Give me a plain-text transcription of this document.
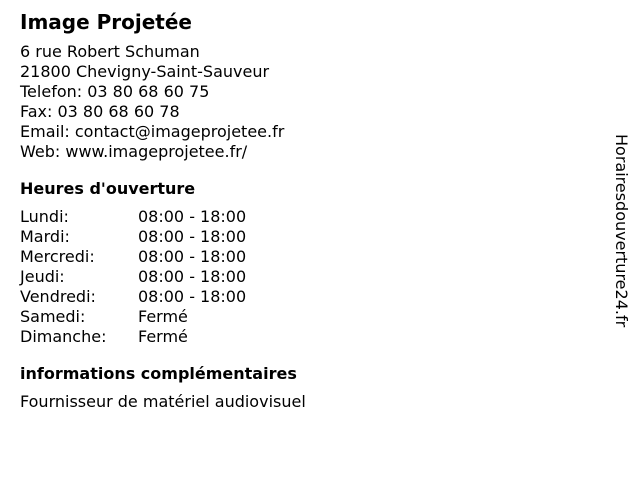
Image Projetée
6 rue Robert Schuman
21800 Chevigny-Saint-Sauveur
Telefon: 03 80 68 60 75
Fax: 03 80 68 60 78
Email: contact@imageprojetee.fr
Web: www.imageprojetee.fr/
Heures d'ouverture
Lundi:	08:00 - 18:00
Mardi:	08:00 - 18:00
Mercredi:	08:00 - 18:00
Jeudi:	08:00 - 18:00
Vendredi:	08:00 - 18:00
Samedi:	Fermé
Dimanche:	Fermé
informations complémentaires
Fournisseur de matériel audiovisuel
Horairesdouverture24.fr
